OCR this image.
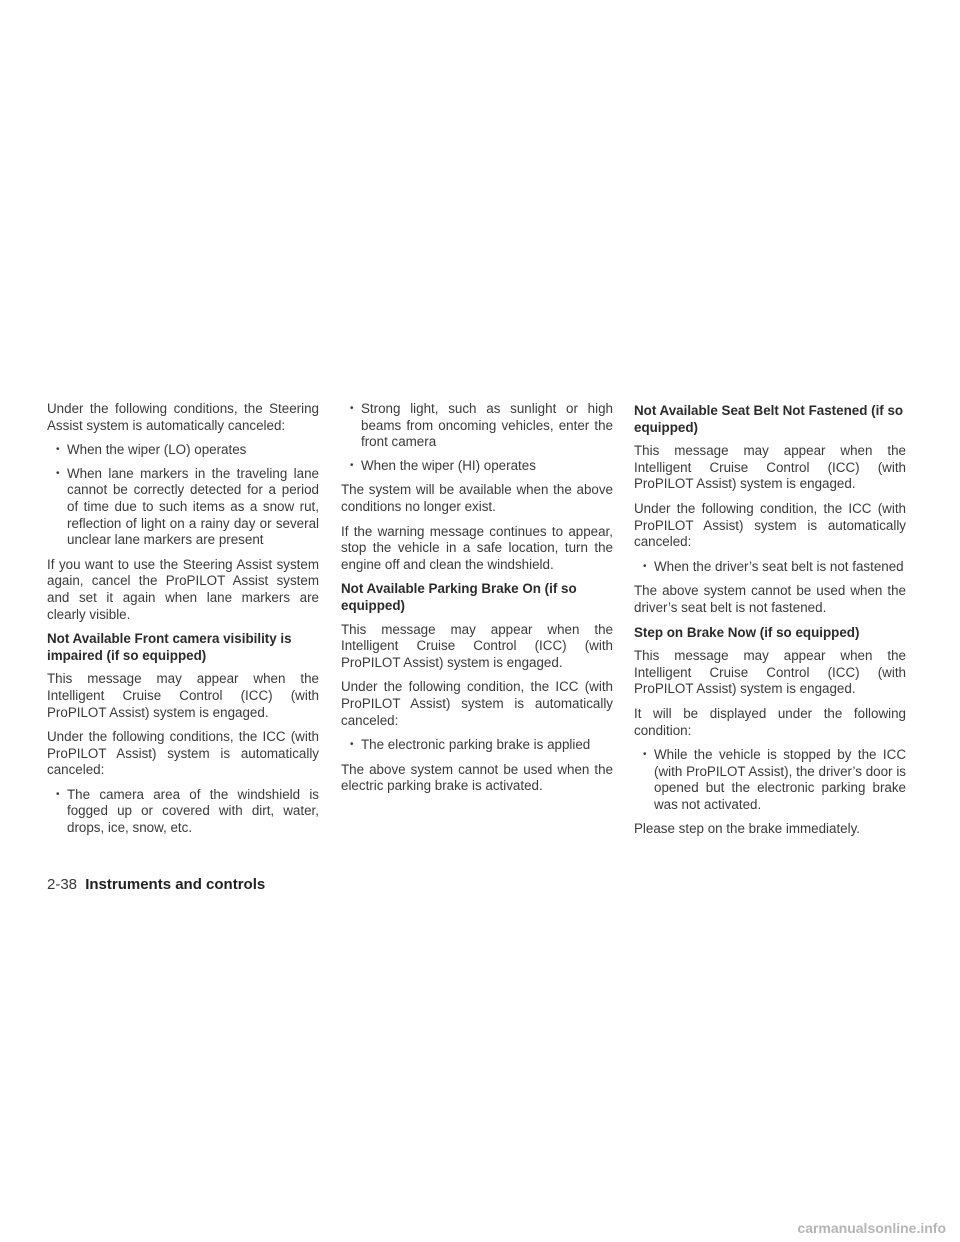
Under the following conditions, the Steering Assist system is automatically canceled:

• When the wiper (LO) operates
• When lane markers in the traveling lane cannot be correctly detected for a period of time due to such items as a snow rut, reflection of light on a rainy day or several unclear lane markers are present

If you want to use the Steering Assist system again, cancel the ProPILOT Assist system and set it again when lane markers are clearly visible.

Not Available Front camera visibility is impaired (if so equipped)

This message may appear when the Intelligent Cruise Control (ICC) (with ProPILOT Assist) system is engaged.

Under the following conditions, the ICC (with ProPILOT Assist) system is automatically canceled:

• The camera area of the windshield is fogged up or covered with dirt, water, drops, ice, snow, etc.
• Strong light, such as sunlight or high beams from oncoming vehicles, enter the front camera
• When the wiper (HI) operates

The system will be available when the above conditions no longer exist.

If the warning message continues to appear, stop the vehicle in a safe location, turn the engine off and clean the windshield.

Not Available Parking Brake On (if so equipped)

This message may appear when the Intelligent Cruise Control (ICC) (with ProPILOT Assist) system is engaged.

Under the following condition, the ICC (with ProPILOT Assist) system is automatically canceled:

• The electronic parking brake is applied

The above system cannot be used when the electric parking brake is activated.

Not Available Seat Belt Not Fastened (if so equipped)

This message may appear when the Intelligent Cruise Control (ICC) (with ProPILOT Assist) system is engaged.

Under the following condition, the ICC (with ProPILOT Assist) system is automatically canceled:

• When the driver’s seat belt is not fastened

The above system cannot be used when the driver’s seat belt is not fastened.

Step on Brake Now (if so equipped)

This message may appear when the Intelligent Cruise Control (ICC) (with ProPILOT Assist) system is engaged.

It will be displayed under the following condition:

• While the vehicle is stopped by the ICC (with ProPILOT Assist), the driver’s door is opened but the electronic parking brake was not activated.

Please step on the brake immediately.

2-38 Instruments and controls
carmanualsonline.info
